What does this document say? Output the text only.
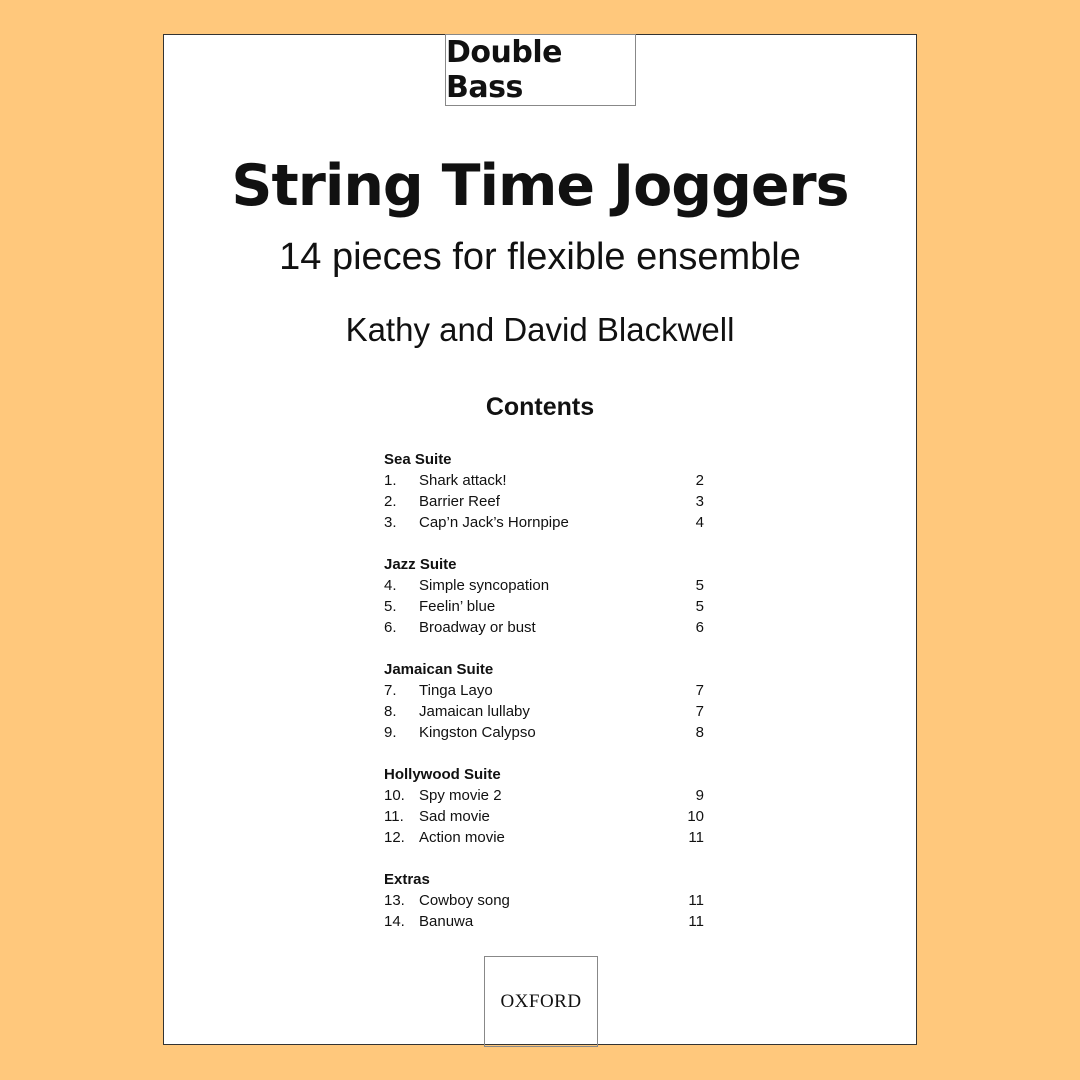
Double Bass
String Time Joggers
14 pieces for flexible ensemble
Kathy and David Blackwell
Contents
Sea Suite
1. Shark attack!	2
2. Barrier Reef	3
3. Cap’n Jack’s Hornpipe	4
Jazz Suite
4. Simple syncopation	5
5. Feelin’ blue	5
6. Broadway or bust	6
Jamaican Suite
7. Tinga Layo	7
8. Jamaican lullaby	7
9. Kingston Calypso	8
Hollywood Suite
10. Spy movie 2	9
11. Sad movie	10
12. Action movie	11
Extras
13. Cowboy song	11
14. Banuwa	11
OXFORD
